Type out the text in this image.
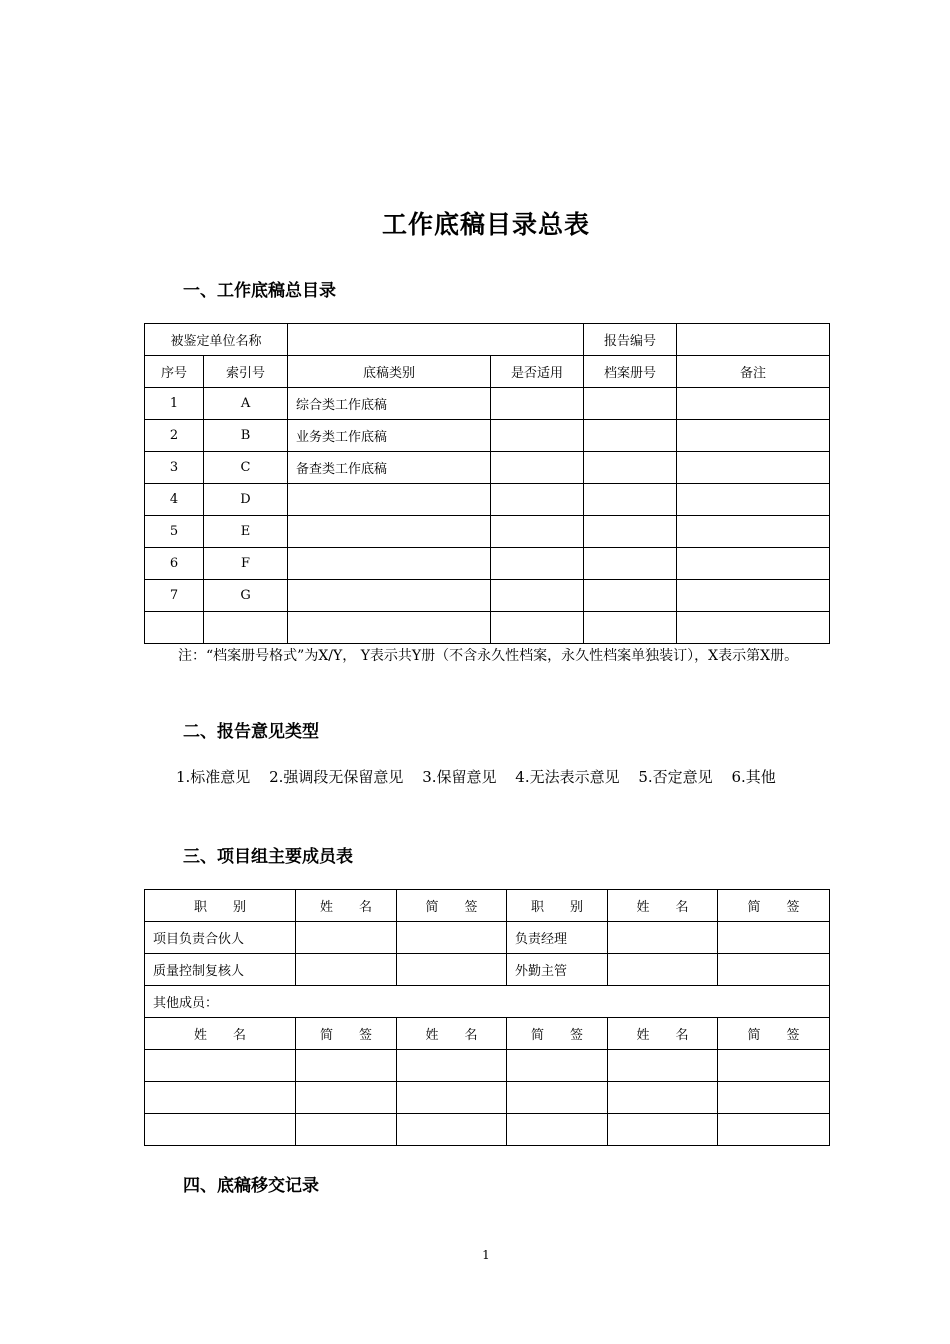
工作底稿目录总表
一、工作底稿总目录
被鉴定单位名称				报告编号	
序号	索引号	底稿类别	是否适用	档案册号	备注
1	A	综合类工作底稿			
2	B	业务类工作底稿			
3	C	备查类工作底稿			
4	D				
5	E				
6	F				
7	G				

注：“档案册号格式”为X/Y， Y表示共Y册（不含永久性档案，永久性档案单独装订），X表示第X册。
二、报告意见类型
1.标准意见 2.强调段无保留意见 3.保留意见 4.无法表示意见 5.否定意见 6.其他
三、项目组主要成员表
职　　别	姓　　名	简　　签	职　　别	姓　　名	简　　签
项目负责合伙人			负责经理		
质量控制复核人			外勤主管		
其他成员：					
姓　　名	简　　签	姓　　名	简　　签	姓　　名	简　　签

四、底稿移交记录
1
